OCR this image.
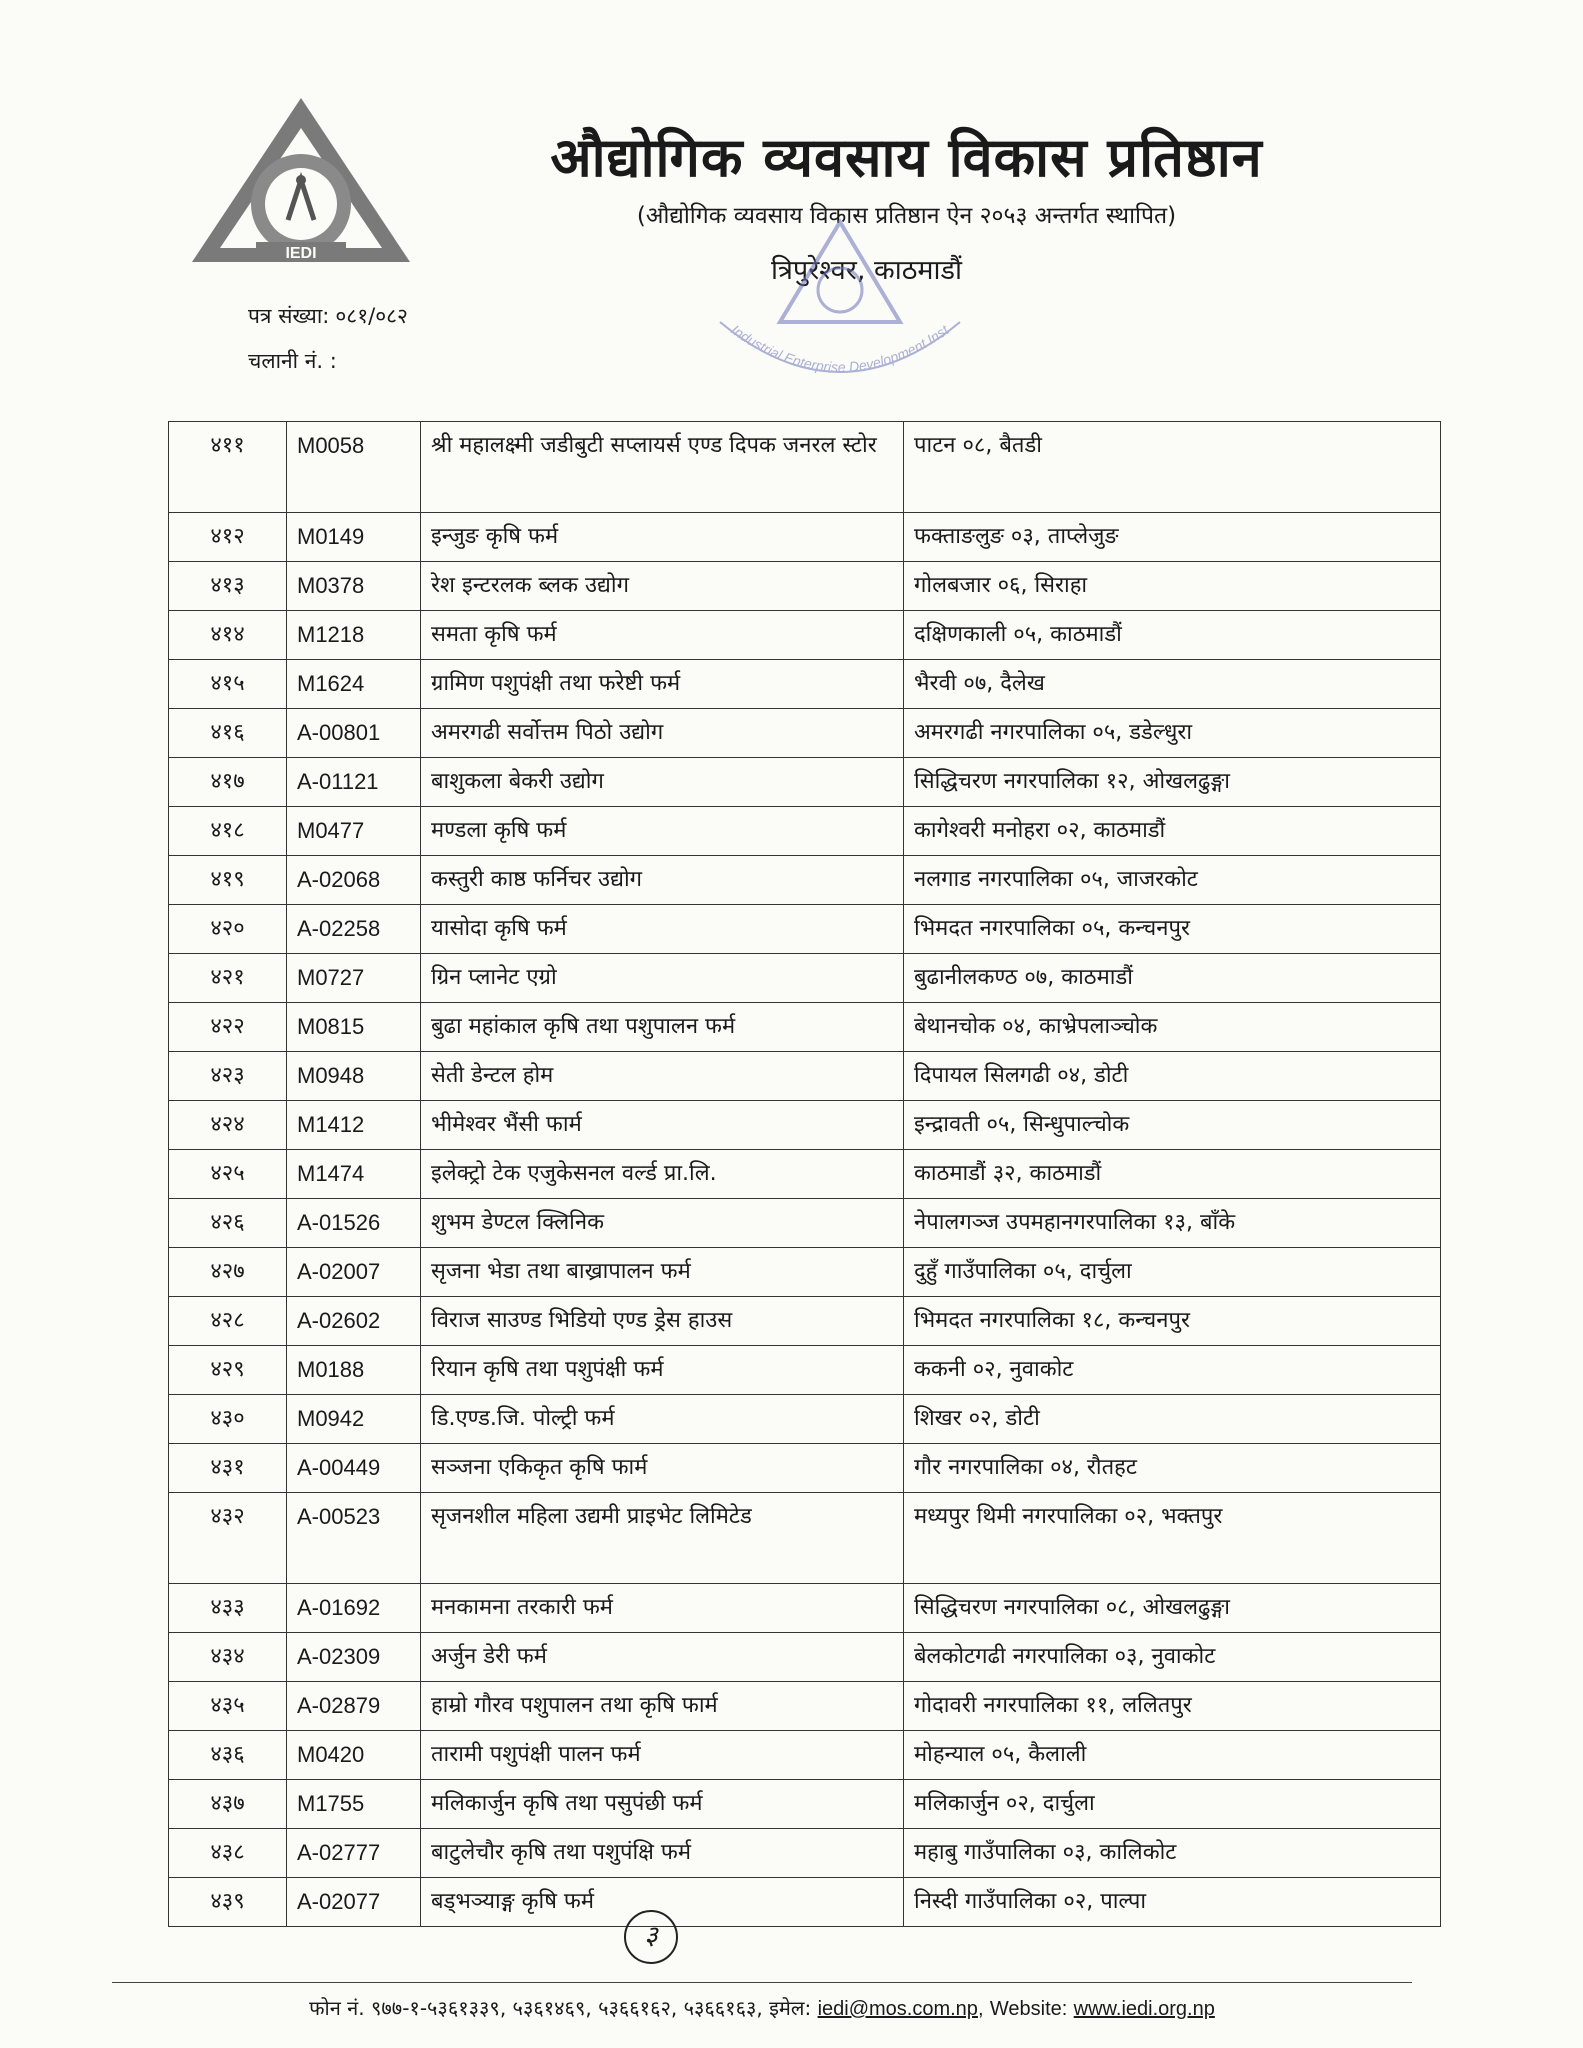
IEDI
औद्योगिक व्यवसाय विकास प्रतिष्ठान
(औद्योगिक व्यवसाय विकास प्रतिष्ठान ऐन २०५३ अन्तर्गत स्थापित)
त्रिपुरेश्वर, काठमाडौं
Industrial Enterprise Development Inst
पत्र संख्या: ०८१/०८२
चलानी नं. :
४११	M0058	श्री महालक्ष्मी जडीबुटी सप्लायर्स एण्ड दिपक जनरल स्टोर	पाटन ०८, बैतडी
४१२	M0149	इन्जुङ कृषि फर्म	फक्ताङलुङ ०३, ताप्लेजुङ
४१३	M0378	रेश इन्टरलक ब्लक उद्योग	गोलबजार ०६, सिराहा
४१४	M1218	समता कृषि फर्म	दक्षिणकाली ०५, काठमाडौं
४१५	M1624	ग्रामिण पशुपंक्षी तथा फरेष्टी फर्म	भैरवी ०७, दैलेख
४१६	A-00801	अमरगढी सर्वोत्तम पिठो उद्योग	अमरगढी नगरपालिका ०५, डडेल्धुरा
४१७	A-01121	बाशुकला बेकरी उद्योग	सिद्धिचरण नगरपालिका १२, ओखलढुङ्गा
४१८	M0477	मण्डला कृषि फर्म	कागेश्वरी मनोहरा ०२, काठमाडौं
४१९	A-02068	कस्तुरी काष्ठ फर्निचर उद्योग	नलगाड नगरपालिका ०५, जाजरकोट
४२०	A-02258	यासोदा कृषि फर्म	भिमदत नगरपालिका ०५, कन्चनपुर
४२१	M0727	ग्रिन प्लानेट एग्रो	बुढानीलकण्ठ ०७, काठमाडौं
४२२	M0815	बुढा महांकाल कृषि तथा पशुपालन फर्म	बेथानचोक ०४, काभ्रेपलाञ्चोक
४२३	M0948	सेती डेन्टल होम	दिपायल सिलगढी ०४, डोटी
४२४	M1412	भीमेश्वर भैंसी फार्म	इन्द्रावती ०५, सिन्धुपाल्चोक
४२५	M1474	इलेक्ट्रो टेक एजुकेसनल वर्ल्ड प्रा.लि.	काठमाडौं ३२, काठमाडौं
४२६	A-01526	शुभम डेण्टल क्लिनिक	नेपालगञ्ज उपमहानगरपालिका १३, बाँके
४२७	A-02007	सृजना भेडा तथा बाख्रापालन फर्म	दुहुँ गाउँपालिका ०५, दार्चुला
४२८	A-02602	विराज साउण्ड भिडियो एण्ड ड्रेस हाउस	भिमदत नगरपालिका १८, कन्चनपुर
४२९	M0188	रियान कृषि तथा पशुपंक्षी फर्म	ककनी ०२, नुवाकोट
४३०	M0942	डि.एण्ड.जि. पोल्ट्री फर्म	शिखर ०२, डोटी
४३१	A-00449	सञ्जना एकिकृत कृषि फार्म	गौर नगरपालिका ०४, रौतहट
४३२	A-00523	सृजनशील महिला उद्यमी प्राइभेट लिमिटेड	मध्यपुर थिमी नगरपालिका ०२, भक्तपुर
४३३	A-01692	मनकामना तरकारी फर्म	सिद्धिचरण नगरपालिका ०८, ओखलढुङ्गा
४३४	A-02309	अर्जुन डेरी फर्म	बेलकोटगढी नगरपालिका ०३, नुवाकोट
४३५	A-02879	हाम्रो गौरव पशुपालन तथा कृषि फार्म	गोदावरी नगरपालिका ११, ललितपुर
४३६	M0420	तारामी पशुपंक्षी पालन फर्म	मोहन्याल ०५, कैलाली
४३७	M1755	मलिकार्जुन कृषि तथा पसुपंछी फर्म	मलिकार्जुन ०२, दार्चुला
४३८	A-02777	बाटुलेचौर कृषि तथा पशुपंक्षि फर्म	महाबु गाउँपालिका ०३, कालिकोट
४३९	A-02077	बड्भञ्याङ्ग कृषि फर्म	निस्दी गाउँपालिका ०२, पाल्पा
३
फोन नं. ९७७-१-५३६१३३९, ५३६१४६९, ५३६६१६२, ५३६६१६३, इमेल: iedi@mos.com.np, Website: www.iedi.org.np
